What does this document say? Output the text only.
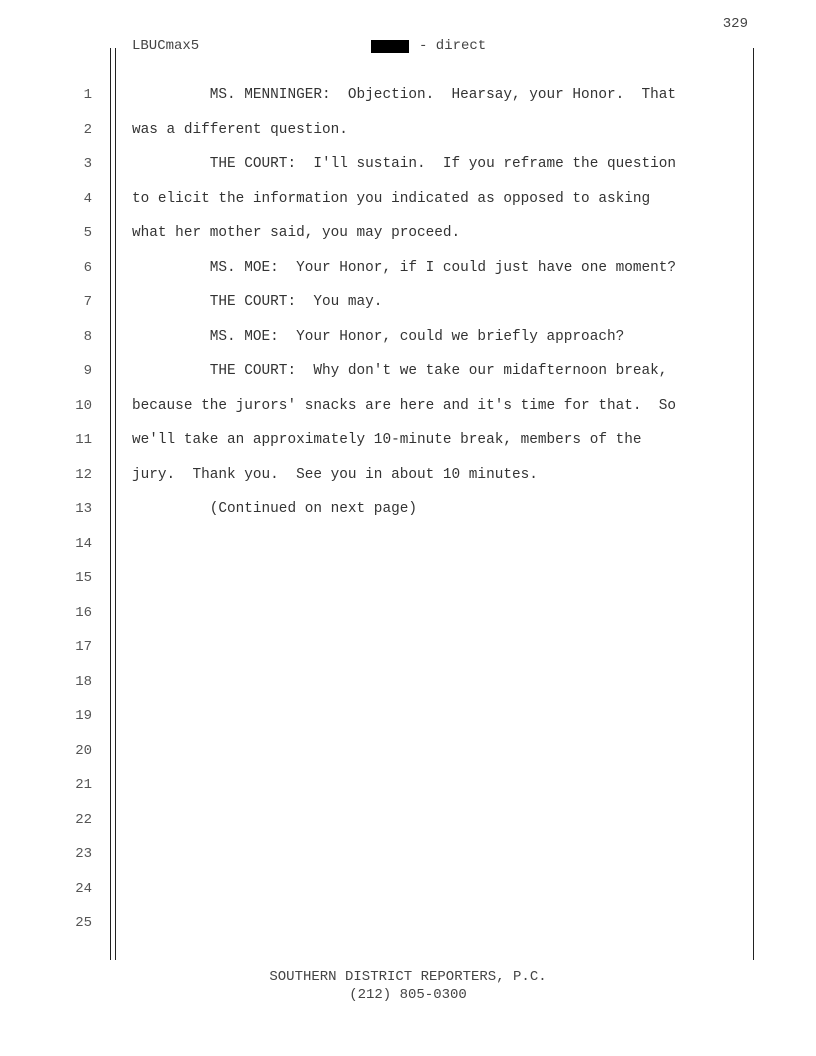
329
LBUCmax5	- direct
1	MS. MENNINGER:  Objection.  Hearsay, your Honor.  That
2	was a different question.
3	THE COURT:  I'll sustain.  If you reframe the question
4	to elicit the information you indicated as opposed to asking
5	what her mother said, you may proceed.
6	MS. MOE:  Your Honor, if I could just have one moment?
7	THE COURT:  You may.
8	MS. MOE:  Your Honor, could we briefly approach?
9	THE COURT:  Why don't we take our midafternoon break,
10	because the jurors' snacks are here and it's time for that.  So
11	we'll take an approximately 10-minute break, members of the
12	jury.  Thank you.  See you in about 10 minutes.
13	(Continued on next page)
14
15
16
17
18
19
20
21
22
23
24
25
SOUTHERN DISTRICT REPORTERS, P.C.
(212) 805-0300
